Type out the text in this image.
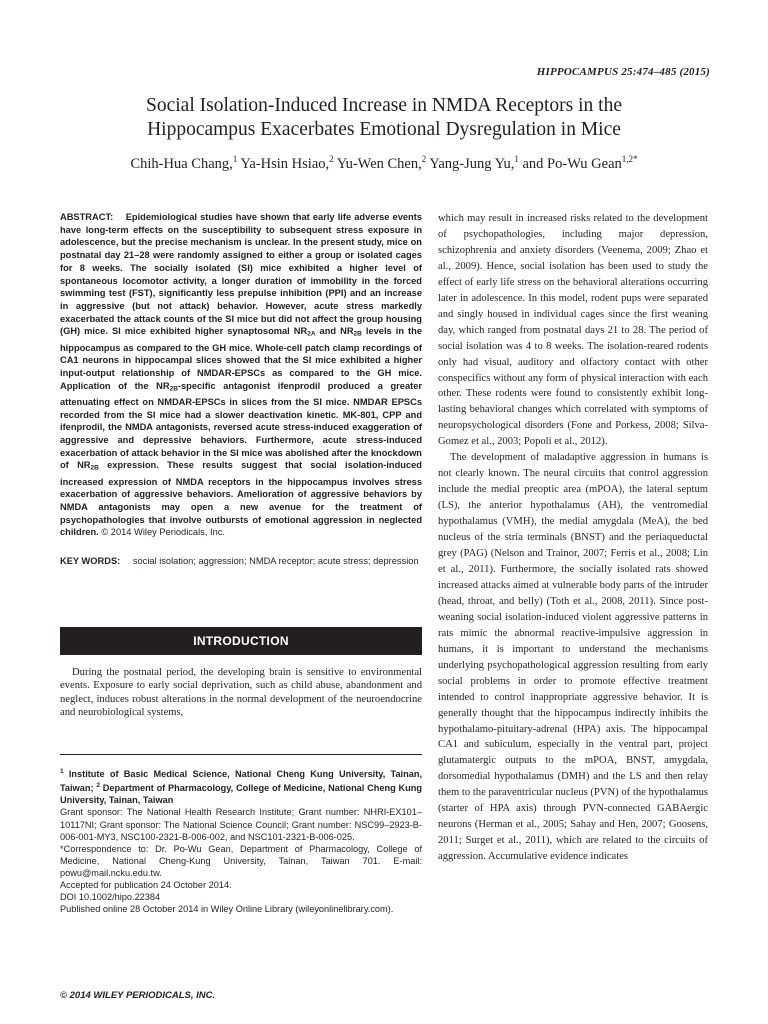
HIPPOCAMPUS 25:474–485 (2015)
Social Isolation-Induced Increase in NMDA Receptors in the
Hippocampus Exacerbates Emotional Dysregulation in Mice
Chih-Hua Chang,$^1$ Ya-Hsin Hsiao,$^2$ Yu-Wen Chen,$^2$ Yang-Jung Yu,$^1$ and Po-Wu Gean$^{1,2*}$
ABSTRACT: Epidemiological studies have shown that early life adverse events have long-term effects on the susceptibility to subsequent stress exposure in adolescence, but the precise mechanism is unclear. In the present study, mice on postnatal day 21–28 were randomly assigned to either a group or isolated cages for 8 weeks. The socially isolated (SI) mice exhibited a higher level of spontaneous locomotor activity, a longer duration of immobility in the forced swimming test (FST), significantly less prepulse inhibition (PPI) and an increase in aggressive (but not attack) behavior. However, acute stress markedly exacerbated the attack counts of the SI mice but did not affect the group housing (GH) mice. SI mice exhibited higher synaptosomal $NR_{2A}$ and $NR_{2B}$ levels in the hippocampus as compared to the GH mice. Whole-cell patch clamp recordings of CA1 neurons in hippocampal slices showed that the SI mice exhibited a higher input-output relationship of NMDAR-EPSCs as compared to the GH mice. Application of the $NR_{2B}$-specific antagonist ifenprodil produced a greater attenuating effect on NMDAR-EPSCs in slices from the SI mice. NMDAR EPSCs recorded from the SI mice had a slower deactivation kinetic. MK-801, CPP and ifenprodil, the NMDA antagonists, reversed acute stress-induced exaggeration of aggressive and depressive behaviors. Furthermore, acute stress-induced exacerbation of attack behavior in the SI mice was abolished after the knockdown of $NR_{2B}$ expression. These results suggest that social isolation-induced increased expression of NMDA receptors in the hippocampus involves stress exacerbation of aggressive behaviors. Amelioration of aggressive behaviors by NMDA antagonists may open a new avenue for the treatment of psychopathologies that involve outbursts of emotional aggression in neglected children. © 2014 Wiley Periodicals, Inc.
KEY WORDS: social isolation; aggression; NMDA receptor; acute stress; depression
INTRODUCTION

During the postnatal period, the developing brain is sensitive to environmental events. Exposure to early social deprivation, such as child abuse, abandonment and neglect, induces robust alterations in the normal development of the neuroendocrine and neurobiological systems,

$^1$ Institute of Basic Medical Science, National Cheng Kung University, Tainan, Taiwan; $^2$ Department of Pharmacology, College of Medicine, National Cheng Kung University, Tainan, Taiwan

Grant sponsor: The National Health Research Institute; Grant number: NHRI-EX101–10117NI; Grant sponsor: The National Science Council; Grant number: NSC99–2923-B-006-001-MY3, NSC100-2321-B-006-002, and NSC101-2321-B-006-025.

*Correspondence to: Dr. Po-Wu Gean, Department of Pharmacology, College of Medicine, National Cheng-Kung University, Tainan, Taiwan 701. E-mail: powu@mail.ncku.edu.tw.

Accepted for publication 24 October 2014.

DOI 10.1002/hipo.22384

Published online 28 October 2014 in Wiley Online Library (wileyonlinelibrary.com).

© 2014 WILEY PERIODICALS, INC.

which may result in increased risks related to the development of psychopathologies, including major depression, schizophrenia and anxiety disorders (Veenema, 2009; Zhao et al., 2009). Hence, social isolation has been used to study the effect of early life stress on the behavioral alterations occurring later in adolescence. In this model, rodent pups were separated and singly housed in individual cages since the first weaning day, which ranged from postnatal days 21 to 28. The period of social isolation was 4 to 8 weeks. The isolation-reared rodents only had visual, auditory and olfactory contact with other conspecifics without any form of physical interaction with each other. These rodents were found to consistently exhibit long-lasting behavioral changes which correlated with symptoms of neuropsychological disorders (Fone and Porkess, 2008; Silva-Gomez et al., 2003; Popoli et al., 2012).

The development of maladaptive aggression in humans is not clearly known. The neural circuits that control aggression include the medial preoptic area (mPOA), the lateral septum (LS), the anterior hypothalamus (AH), the ventromedial hypothalamus (VMH), the medial amygdala (MeA), the bed nucleus of the stria terminals (BNST) and the periaqueductal grey (PAG) (Nelson and Trainor, 2007; Ferris et al., 2008; Lin et al., 2011). Furthermore, the socially isolated rats showed increased attacks aimed at vulnerable body parts of the intruder (head, throat, and belly) (Toth et al., 2008, 2011). Since post-weaning social isolation-induced violent aggressive patterns in rats mimic the abnormal reactive-impulsive aggression in humans, it is important to understand the mechanisms underlying psychopathological aggression resulting from early social problems in order to promote effective treatment intended to control inappropriate aggressive behavior. It is generally thought that the hippocampus indirectly inhibits the hypothalamo-pituitary-adrenal (HPA) axis. The hippocampal CA1 and subiculum, especially in the ventral part, project glutamatergic outputs to the mPOA, BNST, amygdala, dorsomedial hypothalamus (DMH) and the LS and then relay them to the paraventricular nucleus (PVN) of the hypothalamus (starter of HPA axis) through PVN-connected GABAergic neurons (Herman et al., 2005; Sahay and Hen, 2007; Goosens, 2011; Surget et al., 2011), which are related to the circuits of aggression. Accumulative evidence indicates
